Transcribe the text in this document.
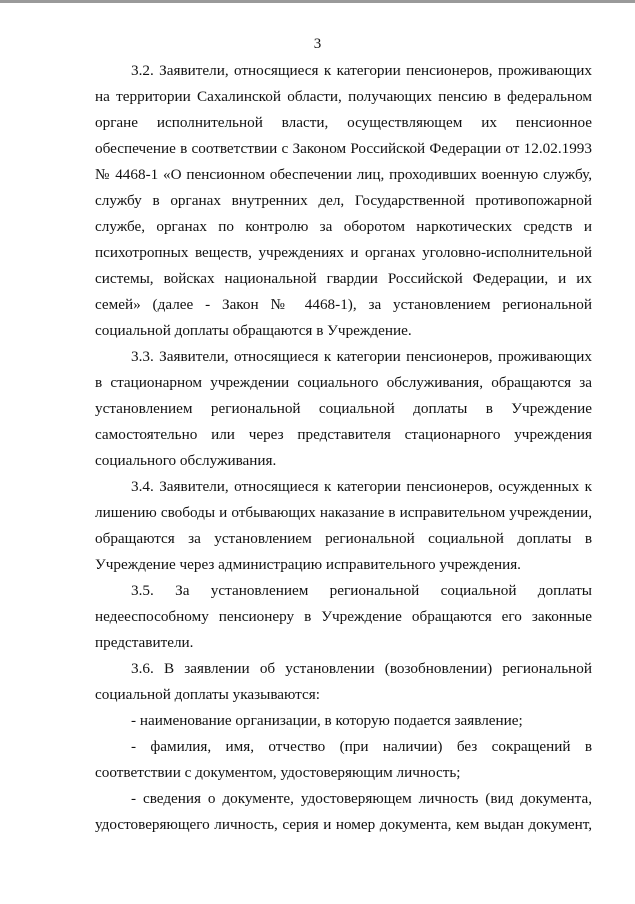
3

3.2. Заявители, относящиеся к категории пенсионеров, проживающих на территории Сахалинской области, получающих пенсию в федеральном органе исполнительной власти, осуществляющем их пенсионное обеспечение в соответствии с Законом Российской Федерации от 12.02.1993 № 4468-1 «О пенсионном обеспечении лиц, проходивших военную службу, службу в органах внутренних дел, Государственной противопожарной службе, органах по контролю за оборотом наркотических средств и психотропных веществ, учреждениях и органах уголовно-исполнительной системы, войсках национальной гвардии Российской Федерации, и их семей» (далее - Закон № 4468-1), за установлением региональной социальной доплаты обращаются в Учреждение.

3.3. Заявители, относящиеся к категории пенсионеров, проживающих в стационарном учреждении социального обслуживания, обращаются за установлением региональной социальной доплаты в Учреждение самостоятельно или через представителя стационарного учреждения социального обслуживания.

3.4. Заявители, относящиеся к категории пенсионеров, осужденных к лишению свободы и отбывающих наказание в исправительном учреждении, обращаются за установлением региональной социальной доплаты в Учреждение через администрацию исправительного учреждения.

3.5. За установлением региональной социальной доплаты недееспособному пенсионеру в Учреждение обращаются его законные представители.

3.6. В заявлении об установлении (возобновлении) региональной социальной доплаты указываются:

- наименование организации, в которую подается заявление;

- фамилия, имя, отчество (при наличии) без сокращений в соответствии с документом, удостоверяющим личность;

- сведения о документе, удостоверяющем личность (вид документа, удостоверяющего личность, серия и номер документа, кем выдан документ,
